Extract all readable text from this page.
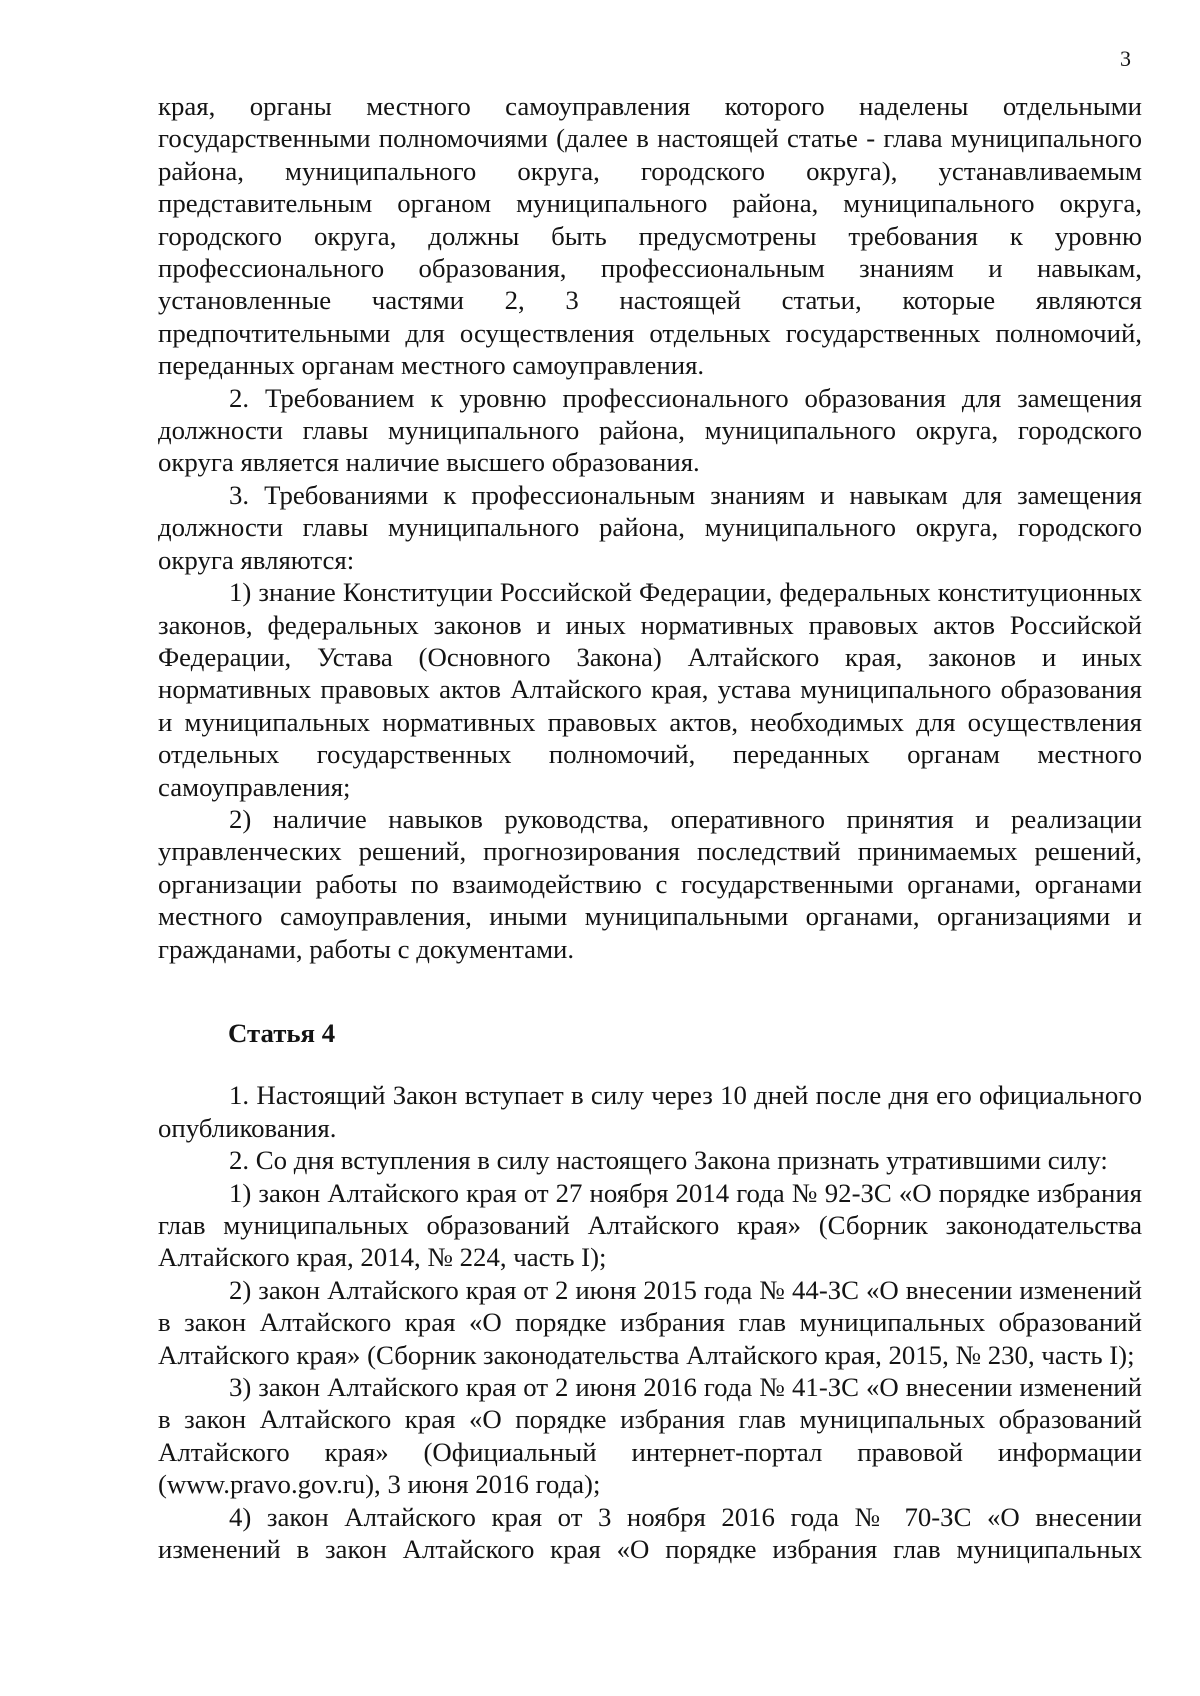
3

края, органы местного самоуправления которого наделены отдельными государственными полномочиями (далее в настоящей статье - глава муниципального района, муниципального округа, городского округа), устанавливаемым представительным органом муниципального района, муниципального округа, городского округа, должны быть предусмотрены требования к уровню профессионального образования, профессиональным знаниям и навыкам, установленные частями 2, 3 настоящей статьи, которые являются предпочтительными для осуществления отдельных государственных полномочий, переданных органам местного самоуправления.

2. Требованием к уровню профессионального образования для замещения должности главы муниципального района, муниципального округа, городского округа является наличие высшего образования.

3. Требованиями к профессиональным знаниям и навыкам для замещения должности главы муниципального района, муниципального округа, городского округа являются:

1) знание Конституции Российской Федерации, федеральных конституционных законов, федеральных законов и иных нормативных правовых актов Российской Федерации, Устава (Основного Закона) Алтайского края, законов и иных нормативных правовых актов Алтайского края, устава муниципального образования и муниципальных нормативных правовых актов, необходимых для осуществления отдельных государственных полномочий, переданных органам местного самоуправления;

2) наличие навыков руководства, оперативного принятия и реализации управленческих решений, прогнозирования последствий принимаемых решений, организации работы по взаимодействию с государственными органами, органами местного самоуправления, иными муниципальными органами, организациями и гражданами, работы с документами.

Статья 4

1. Настоящий Закон вступает в силу через 10 дней после дня его официального опубликования.

2. Со дня вступления в силу настоящего Закона признать утратившими силу:

1) закон Алтайского края от 27 ноября 2014 года № 92-ЗС «О порядке избрания глав муниципальных образований Алтайского края» (Сборник законодательства Алтайского края, 2014, № 224, часть I);

2) закон Алтайского края от 2 июня 2015 года № 44-ЗС «О внесении изменений в закон Алтайского края «О порядке избрания глав муниципальных образований Алтайского края» (Сборник законодательства Алтайского края, 2015, № 230, часть I);

3) закон Алтайского края от 2 июня 2016 года № 41-ЗС «О внесении изменений в закон Алтайского края «О порядке избрания глав муниципальных образований Алтайского края» (Официальный интернет-портал правовой информации (www.pravo.gov.ru), 3 июня 2016 года);

4) закон Алтайского края от 3 ноября 2016 года № 70-ЗС «О внесении изменений в закон Алтайского края «О порядке избрания глав муниципальных
